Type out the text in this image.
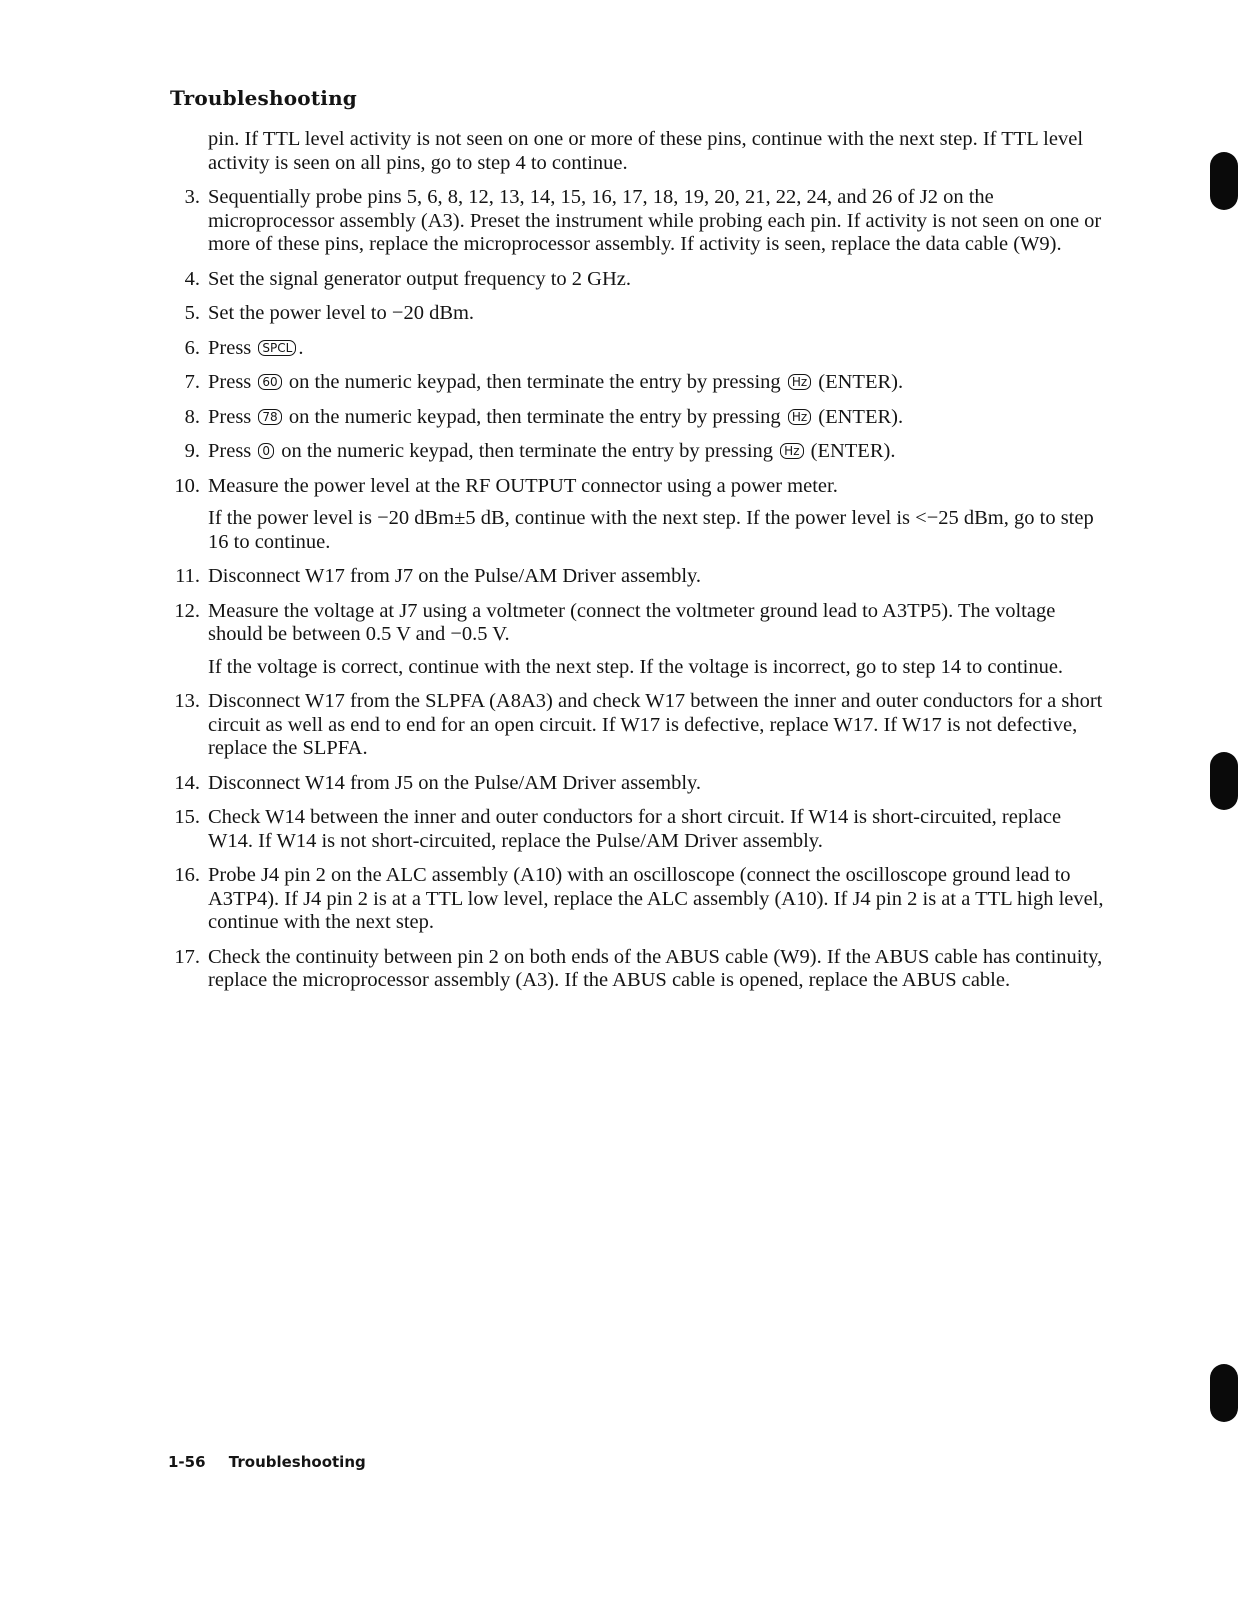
Troubleshooting

pin. If TTL level activity is not seen on one or more of these pins, continue with the next step. If TTL level activity is seen on all pins, go to step 4 to continue.

3. Sequentially probe pins 5, 6, 8, 12, 13, 14, 15, 16, 17, 18, 19, 20, 21, 22, 24, and 26 of J2 on the microprocessor assembly (A3). Preset the instrument while probing each pin. If activity is not seen on one or more of these pins, replace the microprocessor assembly. If activity is seen, replace the data cable (W9).
4. Set the signal generator output frequency to 2 GHz.
5. Set the power level to −20 dBm.
6. Press SPCL .
7. Press 60 on the numeric keypad, then terminate the entry by pressing Hz (ENTER).
8. Press 78 on the numeric keypad, then terminate the entry by pressing Hz (ENTER).
9. Press 0 on the numeric keypad, then terminate the entry by pressing Hz (ENTER).
10. Measure the power level at the RF OUTPUT connector using a power meter.

If the power level is −20 dBm±5 dB, continue with the next step. If the power level is <−25 dBm, go to step 16 to continue.

11. Disconnect W17 from J7 on the Pulse/AM Driver assembly.
12. Measure the voltage at J7 using a voltmeter (connect the voltmeter ground lead to A3TP5). The voltage should be between 0.5 V and −0.5 V.

If the voltage is correct, continue with the next step. If the voltage is incorrect, go to step 14 to continue.

13. Disconnect W17 from the SLPFA (A8A3) and check W17 between the inner and outer conductors for a short circuit as well as end to end for an open circuit. If W17 is defective, replace W17. If W17 is not defective, replace the SLPFA.
14. Disconnect W14 from J5 on the Pulse/AM Driver assembly.
15. Check W14 between the inner and outer conductors for a short circuit. If W14 is short-circuited, replace W14. If W14 is not short-circuited, replace the Pulse/AM Driver assembly.
16. Probe J4 pin 2 on the ALC assembly (A10) with an oscilloscope (connect the oscilloscope ground lead to A3TP4). If J4 pin 2 is at a TTL low level, replace the ALC assembly (A10). If J4 pin 2 is at a TTL high level, continue with the next step.
17. Check the continuity between pin 2 on both ends of the ABUS cable (W9). If the ABUS cable has continuity, replace the microprocessor assembly (A3). If the ABUS cable is opened, replace the ABUS cable.
1-56 Troubleshooting
